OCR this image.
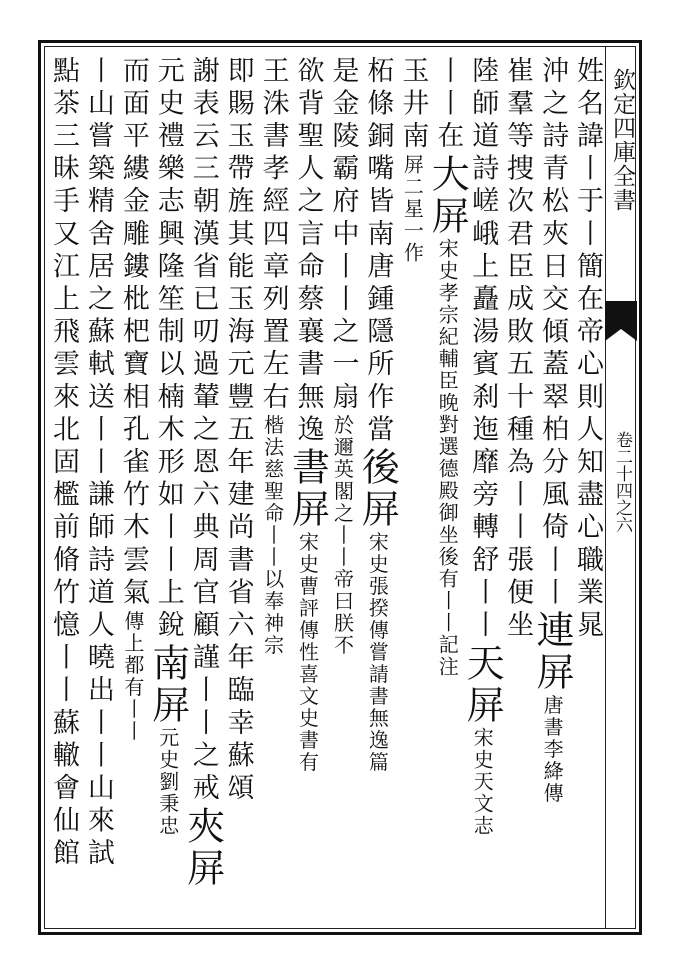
欽定四庫全書
卷二十四之六
姓名諱丨于丨簡在帝心則人知盡心職業晁
沖之詩青松夾日交傾蓋翠柏分風倚丨丨連屏唐書李絳傳
崔羣等捜次君臣成敗五十種為丨丨張便坐
陸師道詩嵯峨上矗湯賓刹迤靡旁轉舒丨丨天屏宋史天文志
丨丨在大屏宋史孝宗紀輔臣晚對選德殿御坐後有丨丨記注
玉井南屏二星一作
柘條銅嘴皆南唐鍾隱所作當後屏宋史張揆傳嘗請書無逸篇
是金陵霸府中丨丨之一扇於邇英閣之丨丨帝曰朕不
欲背聖人之言命蔡襄書無逸書屏宋史曹評傳性喜文史書有
王洙書孝經四章列置左右楷法慈聖命丨丨以奉神宗
即賜玉帶旌其能玉海元豐五年建尚書省六年臨幸蘇頌
謝表云三朝漢省已叨過輦之恩六典周官顧謹丨丨之戒夾屏
元史禮樂志興隆笙制以楠木形如丨丨上銳南屏元史劉秉忠
而面平縷金雕鏤枇杷寶相孔雀竹木雲氣傳上都有丨丨
丨山嘗築精舍居之蘇軾送丨丨謙師詩道人曉出丨丨山來試
點茶三昧手又江上飛雲來北固檻前脩竹憶丨丨蘇轍會仙館
